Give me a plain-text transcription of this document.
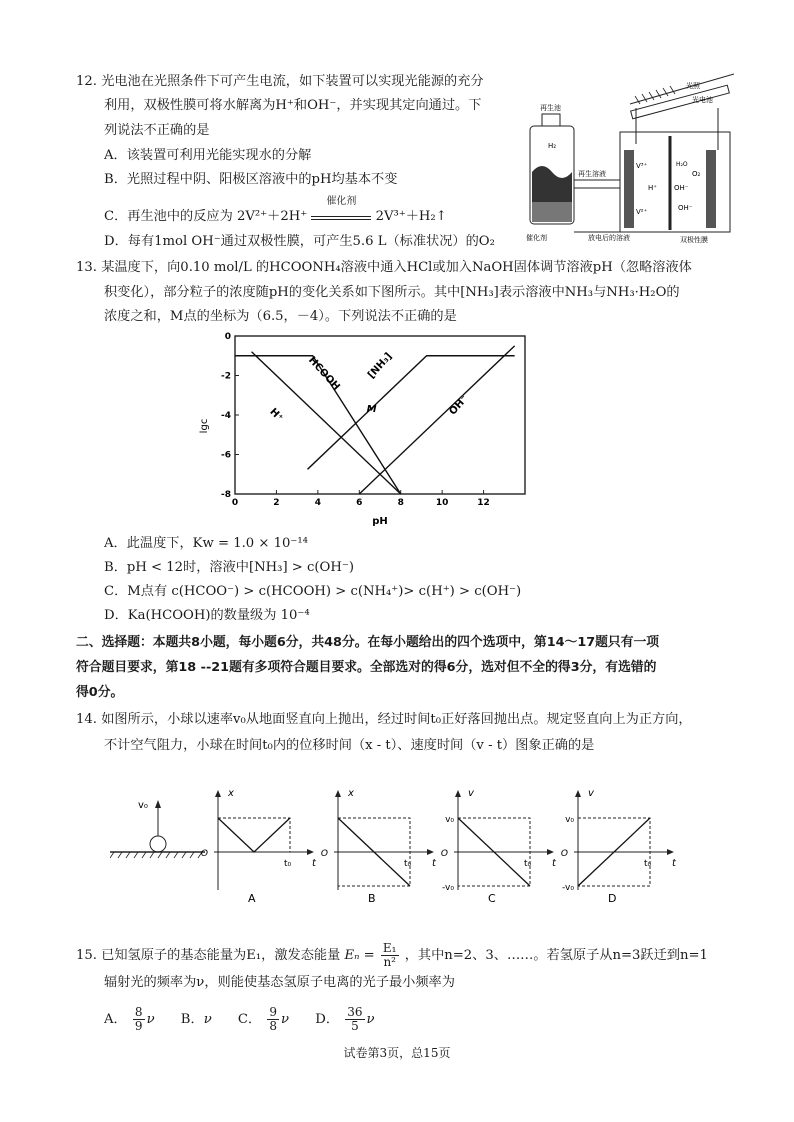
12. 光电池在光照条件下可产生电流，如下装置可以实现光能源的充分
利用，双极性膜可将水解离为H⁺和OH⁻，并实现其定向通过。下
列说法不正确的是
A．该装置可利用光能实现水的分解
B．光照过程中阴、阳极区溶液中的pH均基本不变
C．再生池中的反应为 2V²⁺＋2H⁺
催化剂
2V³⁺＋H₂↑
D．每有1mol OH⁻通过双极性膜，可产生5.6 L（标准状况）的O₂
光照
光电池
再生池
H₂
催化剂
再生溶液
放电后的溶液
V³⁺
V²⁺
H⁺ OH⁻
H₂O
O₂
OH⁻
双极性膜
13. 某温度下，向0.10 mol/L 的HCOONH₄溶液中通入HCl或加入NaOH固体调节溶液pH（忽略溶液体
积变化），部分粒子的浓度随pH的变化关系如下图所示。其中[NH₃]表示溶液中NH₃与NH₃·H₂O的
浓度之和，M点的坐标为（6.5，－4）。下列说法不正确的是
lgc
pH
0	2	4	6	8	10	12
0
-2
-4
-6
-8
H⁺
HCOOH [NH₃]
OH⁻
M
A．此温度下，Kw = 1.0 × 10⁻¹⁴
B．pH < 12时，溶液中[NH₃] > c(OH⁻)
C．M点有 c(HCOO⁻) > c(HCOOH) > c(NH₄⁺)> c(H⁺) > c(OH⁻)
D．Ka(HCOOH)的数量级为 10⁻⁴
二、选择题：本题共8小题，每小题6分，共48分。在每小题给出的四个选项中，第14～17题只有一项
符合题目要求，第18 --21题有多项符合题目要求。全部选对的得6分，选对但不全的得3分，有选错的
得0分。
14. 如图所示，小球以速率v₀从地面竖直向上抛出，经过时间t₀正好落回抛出点。规定竖直向上为正方向，
不计空气阻力，小球在时间t₀内的位移时间（x - t）、速度时间（v - t）图象正确的是
v₀
x
t
O
t₀
A
x
t
O
t₀
B
v
t
O
t₀
C
v₀
-v₀
v
t
O
t₀
D
v₀
-v₀
15. 已知氢原子的基态能量为E₁，激发态能量 $E_n = \frac{\text{E₁}}{\text{n²}}$ ，其中n=2、3、……。若氢原子从n=3跃迁到n=1
辐射光的频率为ν，则能使基态氢原子电离的光子最小频率为
A． $\frac{8}{9}$ ν B．ν C． $\frac{9}{8}$ ν D． $\frac{36}{5}$ ν
试卷第3页，总15页
